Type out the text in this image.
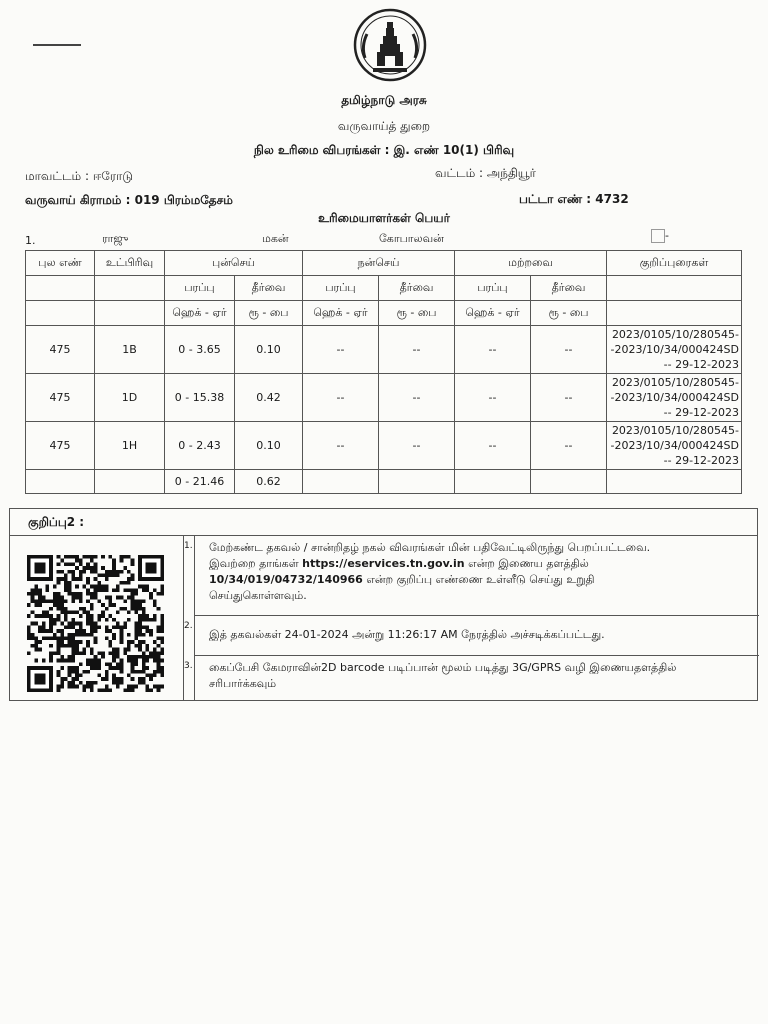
தமிழ்நாடு அரசு
வருவாய்த் துறை
நில உரிமை விபரங்கள் : இ. எண் 10(1) பிரிவு
மாவட்டம் : ஈரோடு	வட்டம் : அந்தியூர்
வருவாய் கிராமம் : 019 பிரம்மதேசம்	பட்டா எண் : 4732
உரிமையாளர்கள் பெயர்
1.	ராஜு	மகன்	கோபாலவன்	-
புல எண்	உட்பிரிவு	புன்செய்		நன்செய்		மற்றவை		குறிப்புரைகள்
		பரப்பு	தீர்வை	பரப்பு	தீர்வை	பரப்பு	தீர்வை	
		ஹெக் - ஏர்	ரூ - பை	ஹெக் - ஏர்	ரூ - பை	ஹெக் - ஏர்	ரூ - பை	
475	1B	0 - 3.65	0.10	--	--	--	--	2023/0105/10/280545-
-2023/10/34/000424SD
-- 29-12-2023

475	1D	0 - 15.38	0.42	--	--	--	--	2023/0105/10/280545-
-2023/10/34/000424SD
-- 29-12-2023

475	1H	0 - 2.43	0.10	--	--	--	--	2023/0105/10/280545-
-2023/10/34/000424SD
-- 29-12-2023

		0 - 21.46	0.62					
குறிப்பு2 :
1. மேற்கண்ட தகவல் / சான்றிதழ் நகல் விவரங்கள் மின் பதிவேட்டிலிருந்து பெறப்பட்டவை.
இவற்றை தாங்கள் https://eservices.tn.gov.in என்ற இணைய தளத்தில்
10/34/019/04732/140966 என்ற குறிப்பு எண்ணை உள்ளீடு செய்து உறுதி
செய்துகொள்ளவும்.
2.
இத் தகவல்கள் 24-01-2024 அன்று 11:26:17 AM நேரத்தில் அச்சடிக்கப்பட்டது.
3. கைப்பேசி கேமராவின்2D barcode படிப்பான் மூலம் படித்து 3G/GPRS வழி இணையதளத்தில்
சரிபார்க்கவும்
